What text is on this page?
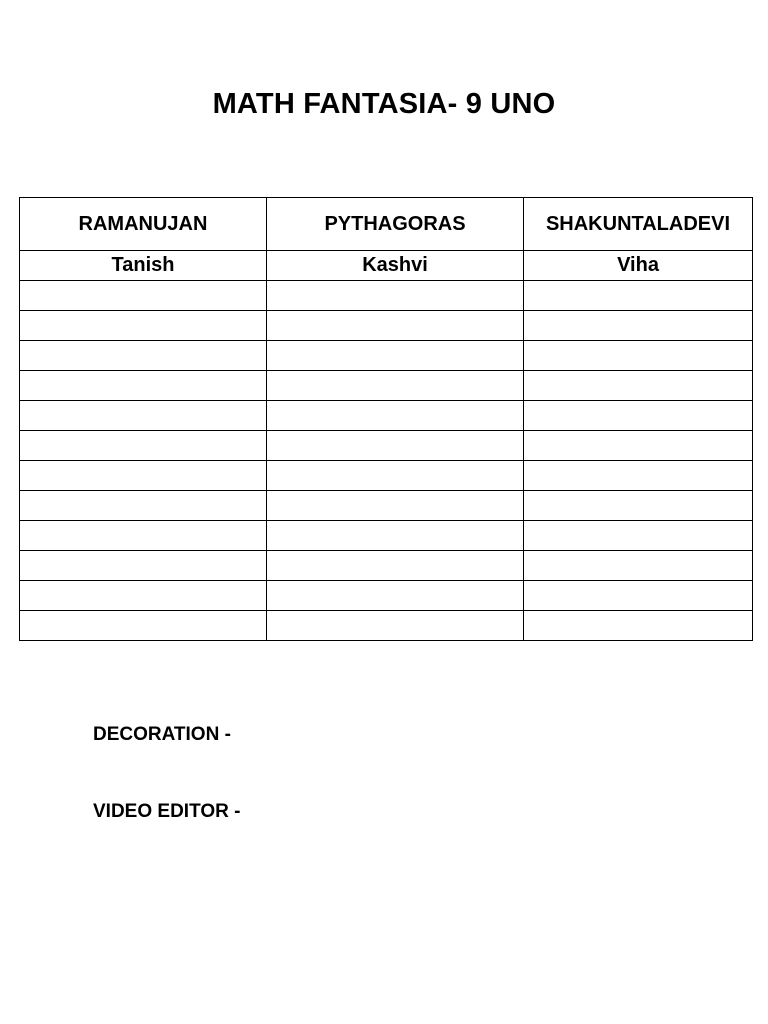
MATH FANTASIA- 9 UNO
RAMANUJAN	PYTHAGORAS	SHAKUNTALADEVI
Tanish	Kashvi	Viha

DECORATION -
VIDEO EDITOR -
